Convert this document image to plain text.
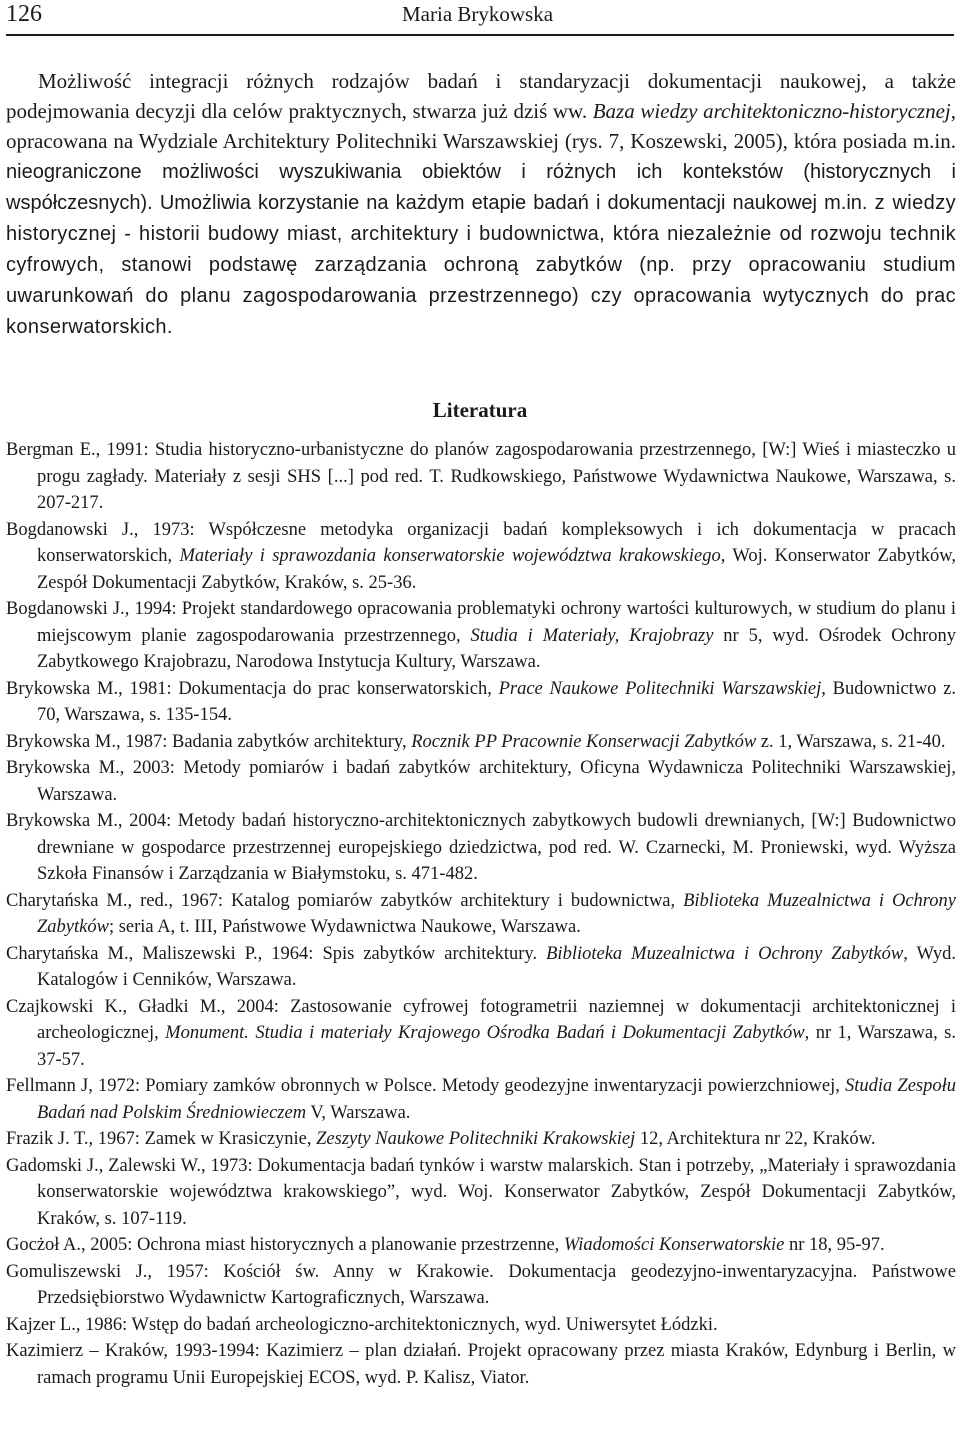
126	Maria Brykowska

Możliwość integracji różnych rodzajów badań i standaryzacji dokumentacji naukowej, a także podejmowania decyzji dla celów praktycznych, stwarza już dziś ww. Baza wiedzy architektoniczno-historycznej, opracowana na Wydziale Architektury Politechniki Warszawskiej (rys. 7, Koszewski, 2005), która posiada m.in. nieograniczone możliwości wyszukiwania obiektów i różnych ich kontekstów (historycznych i współczesnych). Umożliwia korzystanie na każdym etapie badań i dokumentacji naukowej m.in. z wiedzy historycznej - historii budowy miast, architektury i budownictwa, która niezależnie od rozwoju technik cyfrowych, stanowi podstawę zarządzania ochroną zabytków (np. przy opracowaniu studium uwarunkowań do planu zagospodarowania przestrzennego) czy opracowania wytycznych do prac konserwatorskich.

Literatura
Bergman E., 1991: Studia historyczno-urbanistyczne do planów zagospodarowania przestrzennego, [W:] Wieś i miasteczko u progu zagłady. Materiały z sesji SHS [...] pod red. T. Rudkowskiego, Państwowe Wydawnictwa Naukowe, Warszawa, s. 207-217.
Bogdanowski J., 1973: Współczesne metodyka organizacji badań kompleksowych i ich dokumentacja w pracach konserwatorskich, Materiały i sprawozdania konserwatorskie województwa krakowskiego, Woj. Konserwator Zabytków, Zespół Dokumentacji Zabytków, Kraków, s. 25-36.
Bogdanowski J., 1994: Projekt standardowego opracowania problematyki ochrony wartości kulturowych, w studium do planu i miejscowym planie zagospodarowania przestrzennego, Studia i Materiały, Krajobrazy nr 5, wyd. Ośrodek Ochrony Zabytkowego Krajobrazu, Narodowa Instytucja Kultury, Warszawa.
Brykowska M., 1981: Dokumentacja do prac konserwatorskich, Prace Naukowe Politechniki Warszawskiej, Budownictwo z. 70, Warszawa, s. 135-154.
Brykowska M., 1987: Badania zabytków architektury, Rocznik PP Pracownie Konserwacji Zabytków z. 1, Warszawa, s. 21-40.
Brykowska M., 2003: Metody pomiarów i badań zabytków architektury, Oficyna Wydawnicza Politechniki Warszawskiej, Warszawa.
Brykowska M., 2004: Metody badań historyczno-architektonicznych zabytkowych budowli drewnianych, [W:] Budownictwo drewniane w gospodarce przestrzennej europejskiego dziedzictwa, pod red. W. Czarnecki, M. Proniewski, wyd. Wyższa Szkoła Finansów i Zarządzania w Białymstoku, s. 471-482.
Charytańska M., red., 1967: Katalog pomiarów zabytków architektury i budownictwa, Biblioteka Muzealnictwa i Ochrony Zabytków; seria A, t. III, Państwowe Wydawnictwa Naukowe, Warszawa.
Charytańska M., Maliszewski P., 1964: Spis zabytków architektury. Biblioteka Muzealnictwa i Ochrony Zabytków, Wyd. Katalogów i Cenników, Warszawa.
Czajkowski K., Gładki M., 2004: Zastosowanie cyfrowej fotogrametrii naziemnej w dokumentacji architektonicznej i archeologicznej, Monument. Studia i materiały Krajowego Ośrodka Badań i Dokumentacji Zabytków, nr 1, Warszawa, s. 37-57.
Fellmann J, 1972: Pomiary zamków obronnych w Polsce. Metody geodezyjne inwentaryzacji powierzchniowej, Studia Zespołu Badań nad Polskim Średniowieczem V, Warszawa.
Frazik J. T., 1967: Zamek w Krasiczynie, Zeszyty Naukowe Politechniki Krakowskiej 12, Architektura nr 22, Kraków.
Gadomski J., Zalewski W., 1973: Dokumentacja badań tynków i warstw malarskich. Stan i potrzeby, „Materiały i sprawozdania konserwatorskie województwa krakowskiego”, wyd. Woj. Konserwator Zabytków, Zespół Dokumentacji Zabytków, Kraków, s. 107-119.
Gocżoł A., 2005: Ochrona miast historycznych a planowanie przestrzenne, Wiadomości Konserwatorskie nr 18, 95-97.
Gomuliszewski J., 1957: Kościół św. Anny w Krakowie. Dokumentacja geodezyjno-inwentaryzacyjna. Państwowe Przedsiębiorstwo Wydawnictw Kartograficznych, Warszawa.
Kajzer L., 1986: Wstęp do badań archeologiczno-architektonicznych, wyd. Uniwersytet Łódzki.
Kazimierz – Kraków, 1993-1994: Kazimierz – plan działań. Projekt opracowany przez miasta Kraków, Edynburg i Berlin, w ramach programu Unii Europejskiej ECOS, wyd. P. Kalisz, Viator.
